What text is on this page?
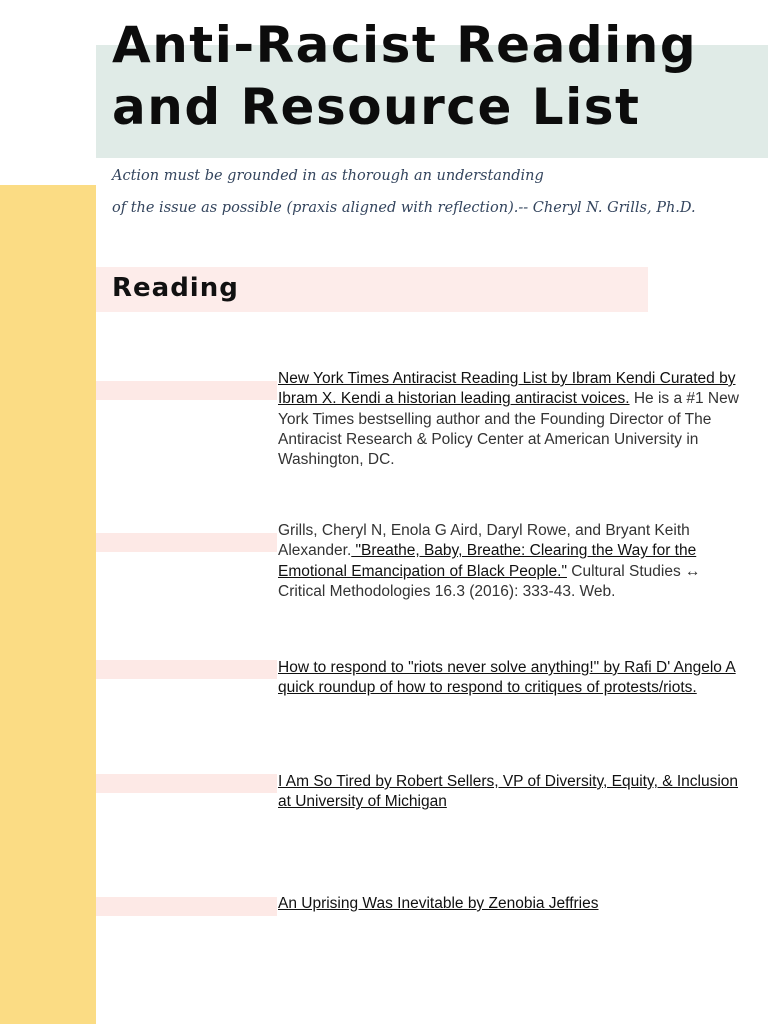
Anti-Racist Reading
and Resource List
Action must be grounded in as thorough an understanding
of the issue as possible (praxis aligned with reflection).-- Cheryl N. Grills, Ph.D.
Reading
New York Times Antiracist Reading List by Ibram Kendi Curated by Ibram X. Kendi a historian leading antiracist voices. He is a #1 New York Times bestselling author and the Founding Director of The Antiracist Research & Policy Center at American University in Washington, DC.
Grills, Cheryl N, Enola G Aird, Daryl Rowe, and Bryant Keith Alexander. "Breathe, Baby, Breathe: Clearing the Way for the Emotional Emancipation of Black People." Cultural Studies ↔ Critical Methodologies 16.3 (2016): 333-43. Web.
How to respond to "riots never solve anything!" by Rafi D' Angelo A quick roundup of how to respond to critiques of protests/riots.
I Am So Tired by Robert Sellers, VP of Diversity, Equity, & Inclusion at University of Michigan
An Uprising Was Inevitable by Zenobia Jeffries
